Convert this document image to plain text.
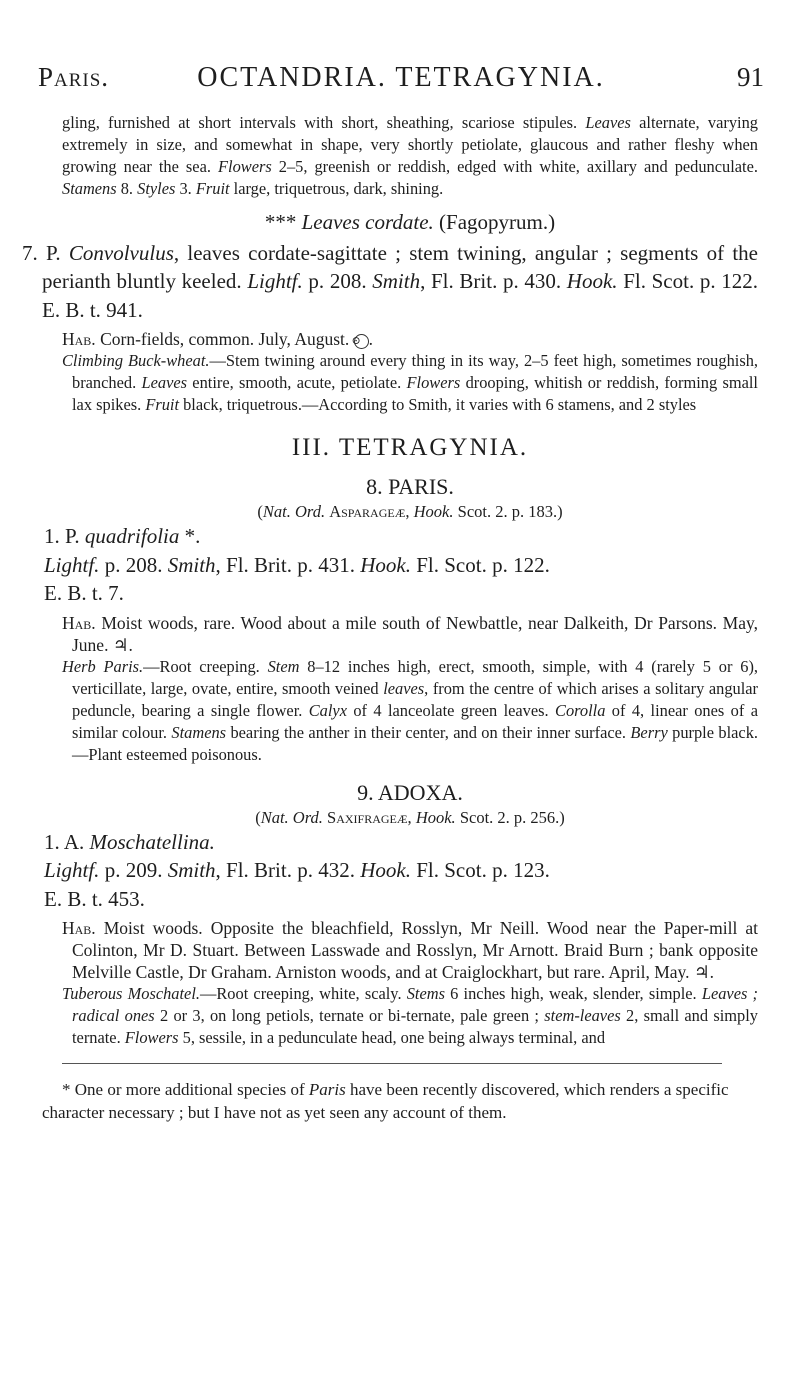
Paris.	OCTANDRIA. TETRAGYNIA.	91

gling, furnished at short intervals with short, sheathing, scariose stipules. Leaves alternate, varying extremely in size, and somewhat in shape, very shortly petiolate, glaucous and rather fleshy when growing near the sea. Flowers 2–5, greenish or reddish, edged with white, axillary and pedunculate. Stamens 8. Styles 3. Fruit large, triquetrous, dark, shining.

*** Leaves cordate. (Fagopyrum.)

7. P. Convolvulus, leaves cordate-sagittate ; stem twining, angular ; segments of the perianth bluntly keeled. Lightf. p. 208. Smith, Fl. Brit. p. 430. Hook. Fl. Scot. p. 122. E. B. t. 941.

Hab. Corn-fields, common. July, August. ⊙ .

Climbing Buck-wheat.—Stem twining around every thing in its way, 2–5 feet high, sometimes roughish, branched. Leaves entire, smooth, acute, petiolate. Flowers drooping, whitish or reddish, forming small lax spikes. Fruit black, triquetrous.—According to Smith, it varies with 6 stamens, and 2 styles

III. TETRAGYNIA.

8. PARIS.

(Nat. Ord. Asparageæ, Hook. Scot. 2. p. 183.)

1. P. quadrifolia *.
Lightf. p. 208. Smith, Fl. Brit. p. 431. Hook. Fl. Scot. p. 122.
E. B. t. 7.

Hab. Moist woods, rare. Wood about a mile south of Newbattle, near Dalkeith, Dr Parsons. May, June. ♃.

Herb Paris.—Root creeping. Stem 8–12 inches high, erect, smooth, simple, with 4 (rarely 5 or 6), verticillate, large, ovate, entire, smooth veined leaves, from the centre of which arises a solitary angular peduncle, bearing a single flower. Calyx of 4 lanceolate green leaves. Corolla of 4, linear ones of a similar colour. Stamens bearing the anther in their center, and on their inner surface. Berry purple black.—Plant esteemed poisonous.

9. ADOXA.

(Nat. Ord. Saxifrageæ, Hook. Scot. 2. p. 256.)

1. A. Moschatellina.
Lightf. p. 209. Smith, Fl. Brit. p. 432. Hook. Fl. Scot. p. 123.
E. B. t. 453.

Hab. Moist woods. Opposite the bleachfield, Rosslyn, Mr Neill. Wood near the Paper-mill at Colinton, Mr D. Stuart. Between Lasswade and Rosslyn, Mr Arnott. Braid Burn ; bank opposite Melville Castle, Dr Graham. Arniston woods, and at Craiglockhart, but rare. April, May. ♃.

Tuberous Moschatel.—Root creeping, white, scaly. Stems 6 inches high, weak, slender, simple. Leaves ; radical ones 2 or 3, on long petiols, ternate or bi-ternate, pale green ; stem-leaves 2, small and simply ternate. Flowers 5, sessile, in a pedunculate head, one being always terminal, and

* One or more additional species of Paris have been recently discovered, which renders a specific character necessary ; but I have not as yet seen any account of them.
